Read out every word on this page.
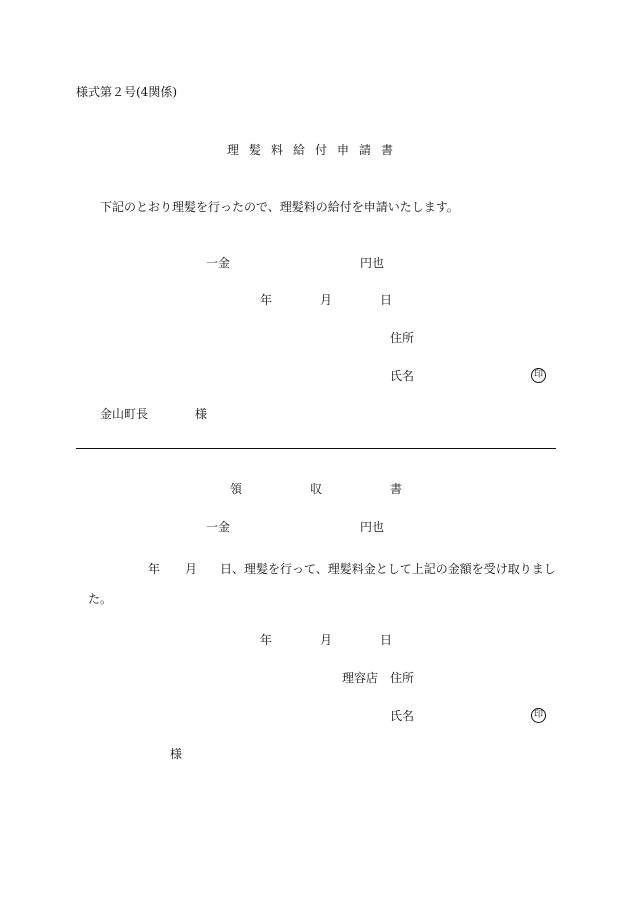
様式第２号(4関係)
理髪料給付申請書
下記のとおり理髪を行ったので、理髪料の給付を申請いたします。
一金	円也
年	月	日
住所
氏名	印
金山町長	様
領	収	書
一金	円也
年 月 日、理髪を行って、理髪料金として上記の金額を受け取りまし
た。
年	月	日
理容店 住所
氏名	印
様
